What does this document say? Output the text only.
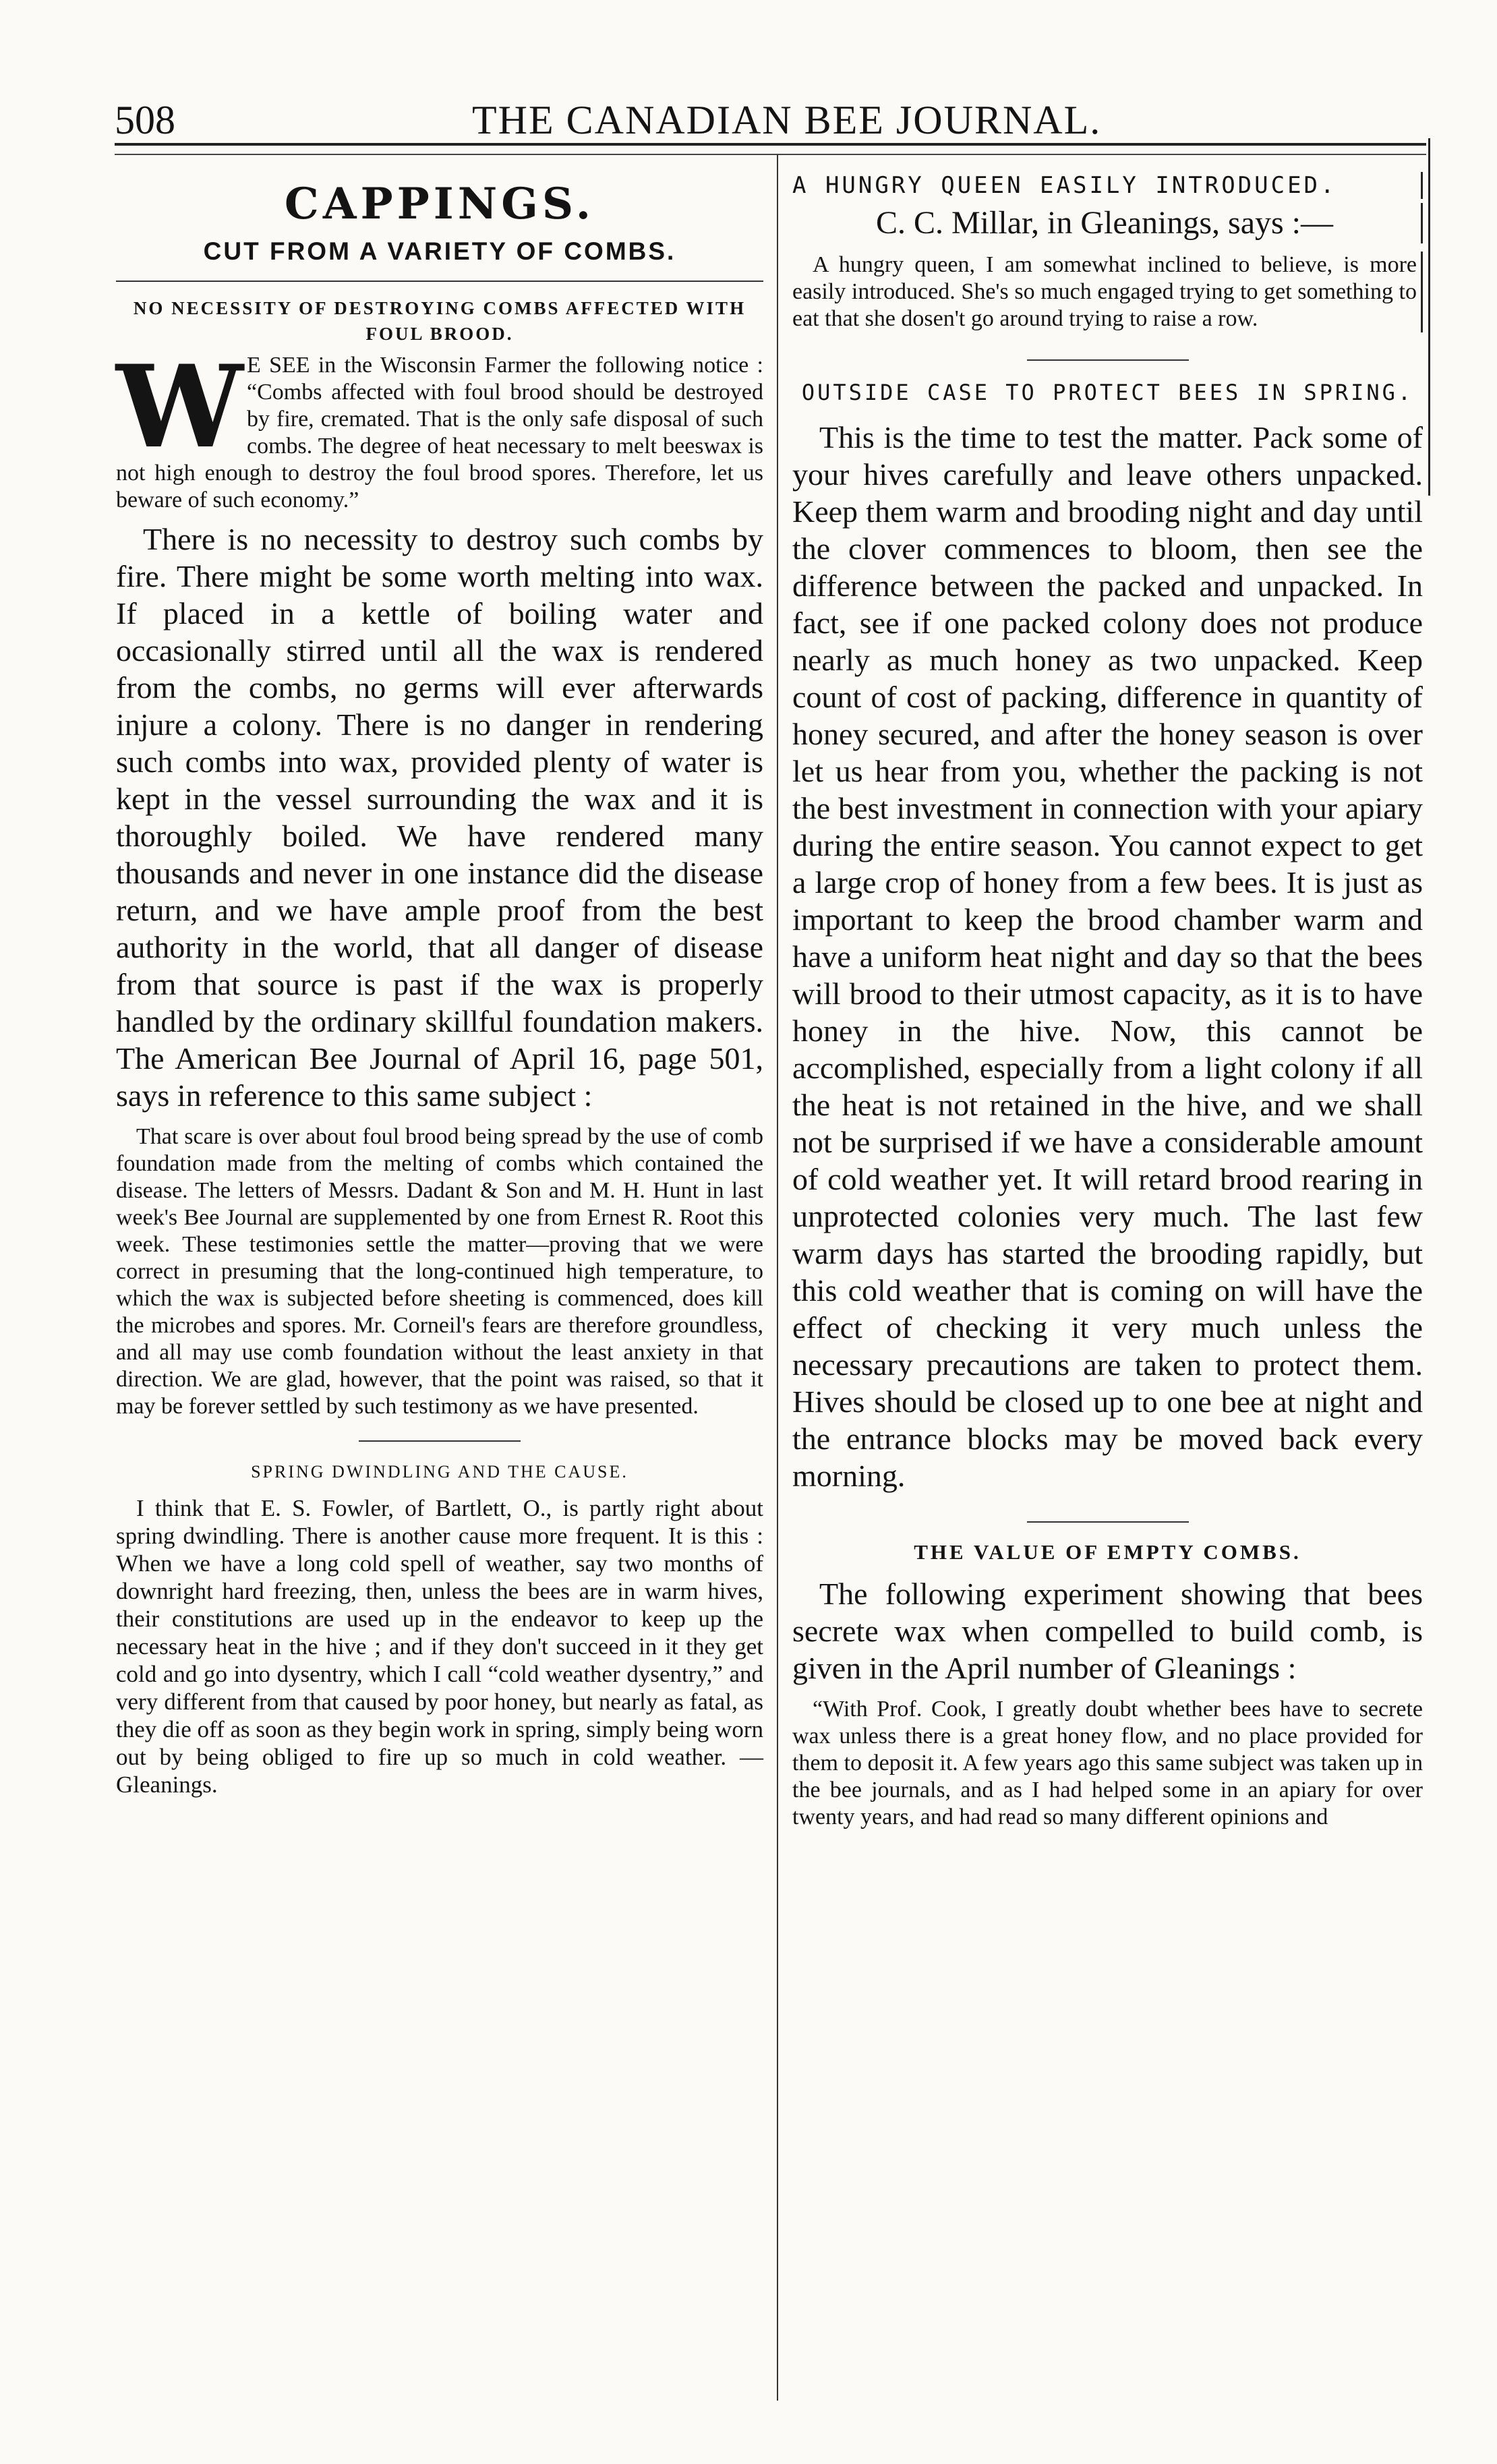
508	THE CANADIAN BEE JOURNAL.
CAPPINGS.
CUT FROM A VARIETY OF COMBS.
NO NECESSITY OF DESTROYING COMBS AFFECTED WITH FOUL BROOD.

W E SEE in the Wisconsin Farmer the following notice : “Combs affected with foul brood should be destroyed by fire, cremated. That is the only safe disposal of such combs. The degree of heat necessary to melt beeswax is not high enough to destroy the foul brood spores. Therefore, let us beware of such economy.”

There is no necessity to destroy such combs by fire. There might be some worth melting into wax. If placed in a kettle of boiling water and occasionally stirred until all the wax is rendered from the combs, no germs will ever afterwards injure a colony. There is no danger in rendering such combs into wax, provided plenty of water is kept in the vessel surrounding the wax and it is thoroughly boiled. We have rendered many thousands and never in one instance did the disease return, and we have ample proof from the best authority in the world, that all danger of disease from that source is past if the wax is properly handled by the ordinary skillful foundation makers. The American Bee Journal of April 16, page 501, says in reference to this same subject :

That scare is over about foul brood being spread by the use of comb foundation made from the melting of combs which contained the disease. The letters of Messrs. Dadant & Son and M. H. Hunt in last week's Bee Journal are supplemented by one from Ernest R. Root this week. These testimonies settle the matter—proving that we were correct in presuming that the long-continued high temperature, to which the wax is subjected before sheeting is commenced, does kill the microbes and spores. Mr. Corneil's fears are therefore groundless, and all may use comb foundation without the least anxiety in that direction. We are glad, however, that the point was raised, so that it may be forever settled by such testimony as we have presented.

SPRING DWINDLING AND THE CAUSE.

I think that E. S. Fowler, of Bartlett, O., is partly right about spring dwindling. There is another cause more frequent. It is this : When we have a long cold spell of weather, say two months of downright hard freezing, then, unless the bees are in warm hives, their constitutions are used up in the endeavor to keep up the necessary heat in the hive ; and if they don't succeed in it they get cold and go into dysentry, which I call “cold weather dysentry,” and very different from that caused by poor honey, but nearly as fatal, as they die off as soon as they begin work in spring, simply being worn out by being obliged to fire up so much in cold weather. —Gleanings.

A HUNGRY QUEEN EASILY INTRODUCED.
C. C. Millar, in Gleanings, says :—

A hungry queen, I am somewhat inclined to believe, is more easily introduced. She's so much engaged trying to get something to eat that she dosen't go around trying to raise a row.

OUTSIDE CASE TO PROTECT BEES IN SPRING.

This is the time to test the matter. Pack some of your hives carefully and leave others unpacked. Keep them warm and brooding night and day until the clover commences to bloom, then see the difference between the packed and unpacked. In fact, see if one packed colony does not produce nearly as much honey as two unpacked. Keep count of cost of packing, difference in quantity of honey secured, and after the honey season is over let us hear from you, whether the packing is not the best investment in connection with your apiary during the entire season. You cannot expect to get a large crop of honey from a few bees. It is just as important to keep the brood chamber warm and have a uniform heat night and day so that the bees will brood to their utmost capacity, as it is to have honey in the hive. Now, this cannot be accomplished, especially from a light colony if all the heat is not retained in the hive, and we shall not be surprised if we have a considerable amount of cold weather yet. It will retard brood rearing in unprotected colonies very much. The last few warm days has started the brooding rapidly, but this cold weather that is coming on will have the effect of checking it very much unless the necessary precautions are taken to protect them. Hives should be closed up to one bee at night and the entrance blocks may be moved back every morning.

THE VALUE OF EMPTY COMBS.

The following experiment showing that bees secrete wax when compelled to build comb, is given in the April number of Gleanings :

“With Prof. Cook, I greatly doubt whether bees have to secrete wax unless there is a great honey flow, and no place provided for them to deposit it. A few years ago this same subject was taken up in the bee journals, and as I had helped some in an apiary for over twenty years, and had read so many different opinions and
